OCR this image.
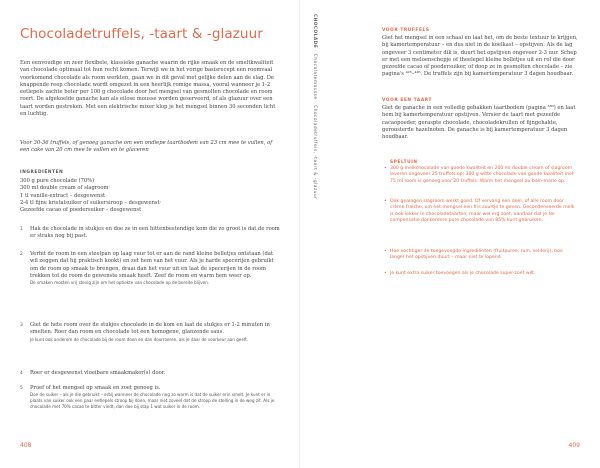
Chocoladetruffels, -taart & -glazuur
Een eenvoudige en zeer flexibele, klassieke ganache waarin de rijke smaak en de smeltkwaliteit van chocolade optimaal tot hun recht komen. Terwijl we in het vorige basisrecept een roomvaal voorkomend chocolade als room werkten, gaan we in dit geval met gelijke delen aan de slag. De knappende reep chocolade wordt omgezet in een heerlijk romige massa, vooral wanneer je 1-2 eetlepels zachte boter per 100 g chocolade door het mengsel van gesmolten chocolade en room roert. De afgekoelde ganache kan als eilose mousse worden geserveerd, of als glazuur over een taart worden gestreken. Met een elektrische mixer klop je het mengsel binnen 30 seconden licht en luchtig.
Voor 30-36 truffels, of genoeg ganache om een ondiepe taartbodem van 23 cm mee te vullen, of een cake van 20 cm mee te vullen en te glaceren
INGREDIËNTEN
300 g pure chocolade $(70\%)^{^1}$
300 ml double cream of slagroom$^{^2}$
1 tl vanille-extract – desgewenst
2-4 tl fijne kristalsuiker of suikersiroop – desgewenst$^{^3}$
Gezeefde cacao of poedersuiker – desgewenst
1 Hak de chocolade in stukjes en doe ze in een hittenbestendige kom die zo groot is dat de room er straks nog bij past.
2 Verhit de room in een steelpan op laag vuur tot er aan de rand kleine belletjes ontstaan (dat wil zeggen dat hij praktisch kookt) en zet hem van het vuur. Als je harde specerijen gebruikt om de room op smaak te brengen, draai dan het vuur uit en laat de specerijen in de room trekken tot de room de gewenste smaak heeft. Zeef de room en warm hem weer op.
De smaken mosten vrij stevig zijn om het optiekte van chocolade op de bereite blijven.
3 Giet de hete room over de stukjes chocolade in de kom en laat de stukjes er 1-2 minuten in smelten. Roer dan room en chocolade tot een homogene, glanzende saus.
Je kunt ook anderom de chocolade bij de room doen en dan doorroeren, als je daar de voorkeur aan geeft.
4 Roer er desgewenst vloeibare smaakmaker(s) door.
5 Proef of het mengsel op smaak en zoet genoeg is.
Doe de suiker – als je die gebruikt – erbij wanneer de chocolade nog zo warm is dat de suiker erin smelt. Je kunt er in plaats van suiker ook een paar eetlepels stroop bij doen, maar niet zoveel dat de stroop de stelling in de weg zit. Als je chocolade met 70% cacao te bitter vindt, dan doe bij stap 1 wat suiker in de room.
408
CHOCOLADE · Chocolatemousse · Chocoladetruffels, -taart & -glazuur
VOOR TRUFFELS
Giet het mengsel in een schaal en laat het, om de beste textuur te krijgen, bij kamertemperatuur – en dus niet in de koelkast – opstijven. Als de lag ongeveer 3 centimeter dik is, duurt het opstijven ongeveer 2-3 uur. Schep er met een meloenschepje of theelepel kleine bolletjes uit en rol die door gezeefde cacao of poedersuiker, of doop ze in gesmolten chocolade – zie pagina's ⁴²⁵–⁴²⁶. De truffels zijn bij kamertemperatuur 3 dagen houdbaar.
VOOR EEN TAART
Giet de ganache in een volledig gebakken taartbodem (pagina ³⁸⁰) en laat hem bij kamertemperatuur opstijven. Versier de taart met gezeefde cacaopoeder, geraspte chocolade, chocoladekrullen of fijngehakte, geroosterde hazelnoten. De ganache is bij kamertemperatuur 3 dagen houdbaar.
SPELTUIN
• 300 g melkchocolade van goede kwaliteit en 200 ml double cream of slagroom leveren ongeveer 25 truffels op; 300 g witte chocolade van goede kwaliteit met 75 ml room is genoeg voor 20 truffels. Warm het mengsel au bain-marie op.
• Ook gealagen slagroom werkt goed. Of vervang een deel, of alle room door crème fraîche, om het mengsel een fris zuurtje te geven. Gecondenseerde melk is ook lekker in chocoladetaarten, maar wel erg zoet, vandaar dat je ter compensatie donkerdere pure chocolade van 85% kunt gebruiken.
• Hoe vochtiger de toegevoegde ingrediënten (fruitpuree, rum, selderij), hoe langer het opstijven duurt – maar niet te lopend.
• Je kunt extra suiker toevoegen als je chocolade super-zoet wilt.
409
